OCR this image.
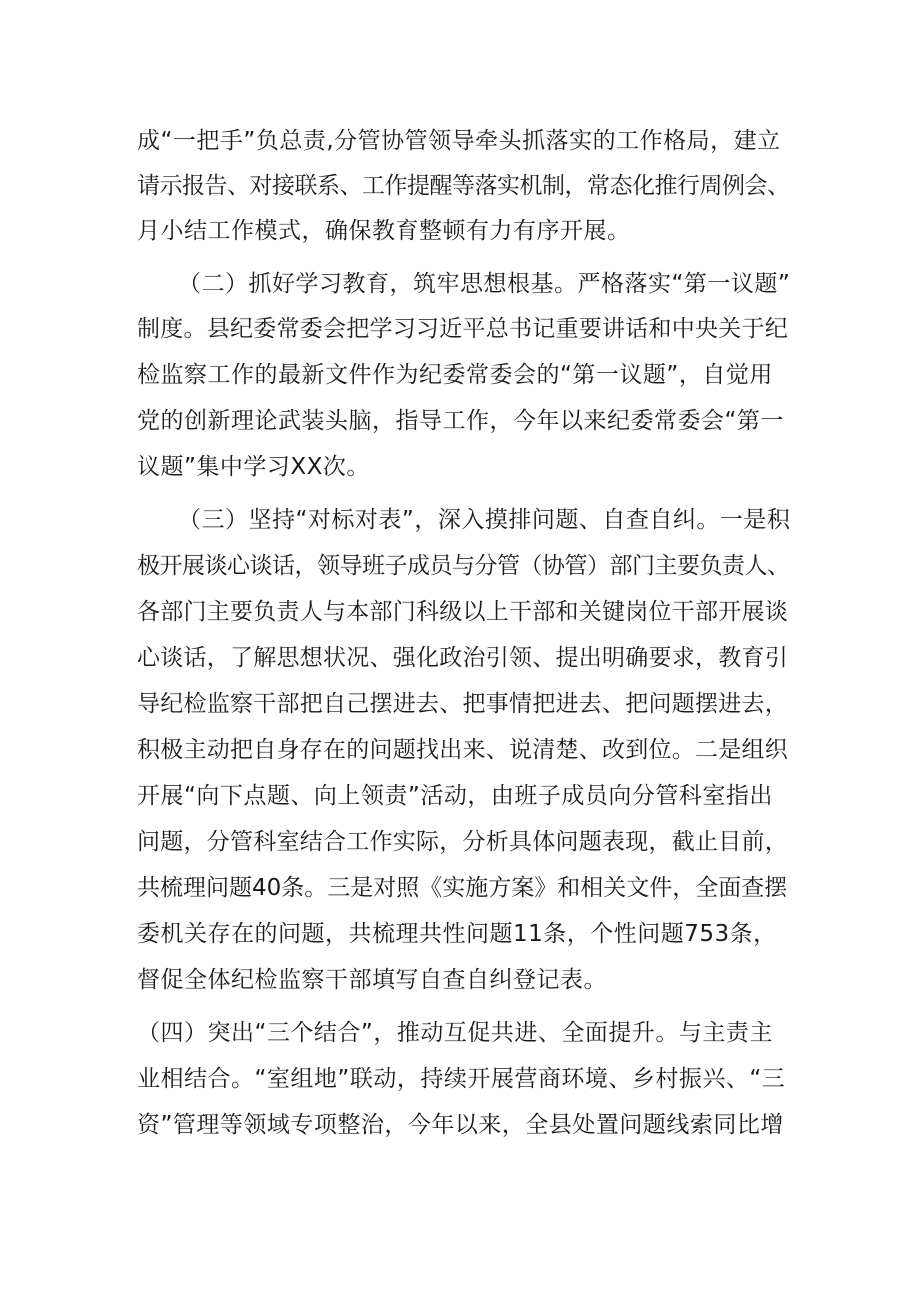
成“一把手”负总责,分管协管领导牵头抓落实的工作格局，建立

请示报告、对接联系、工作提醒等落实机制，常态化推行周例会、

月小结工作模式，确保教育整顿有力有序开展。

（二）抓好学习教育，筑牢思想根基。严格落实“第一议题”

制度。县纪委常委会把学习习近平总书记重要讲话和中央关于纪

检监察工作的最新文件作为纪委常委会的“第一议题”，自觉用

党的创新理论武装头脑，指导工作，今年以来纪委常委会“第一

议题”集中学习XX次。

（三）坚持“对标对表”，深入摸排问题、自查自纠。一是积

极开展谈心谈话，领导班子成员与分管（协管）部门主要负责人、

各部门主要负责人与本部门科级以上干部和关键岗位干部开展谈

心谈话，了解思想状况、强化政治引领、提出明确要求，教育引

导纪检监察干部把自己摆进去、把事情把进去、把问题摆进去，

积极主动把自身存在的问题找出来、说清楚、改到位。二是组织

开展“向下点题、向上领责”活动，由班子成员向分管科室指出

问题，分管科室结合工作实际，分析具体问题表现，截止目前，

共梳理问题40条。三是对照《实施方案》和相关文件，全面查摆

委机关存在的问题，共梳理共性问题11条，个性问题753条，

督促全体纪检监察干部填写自查自纠登记表。

（四）突出“三个结合”，推动互促共进、全面提升。与主责主

业相结合。“室组地”联动，持续开展营商环境、乡村振兴、“三

资”管理等领域专项整治，今年以来，全县处置问题线索同比增
